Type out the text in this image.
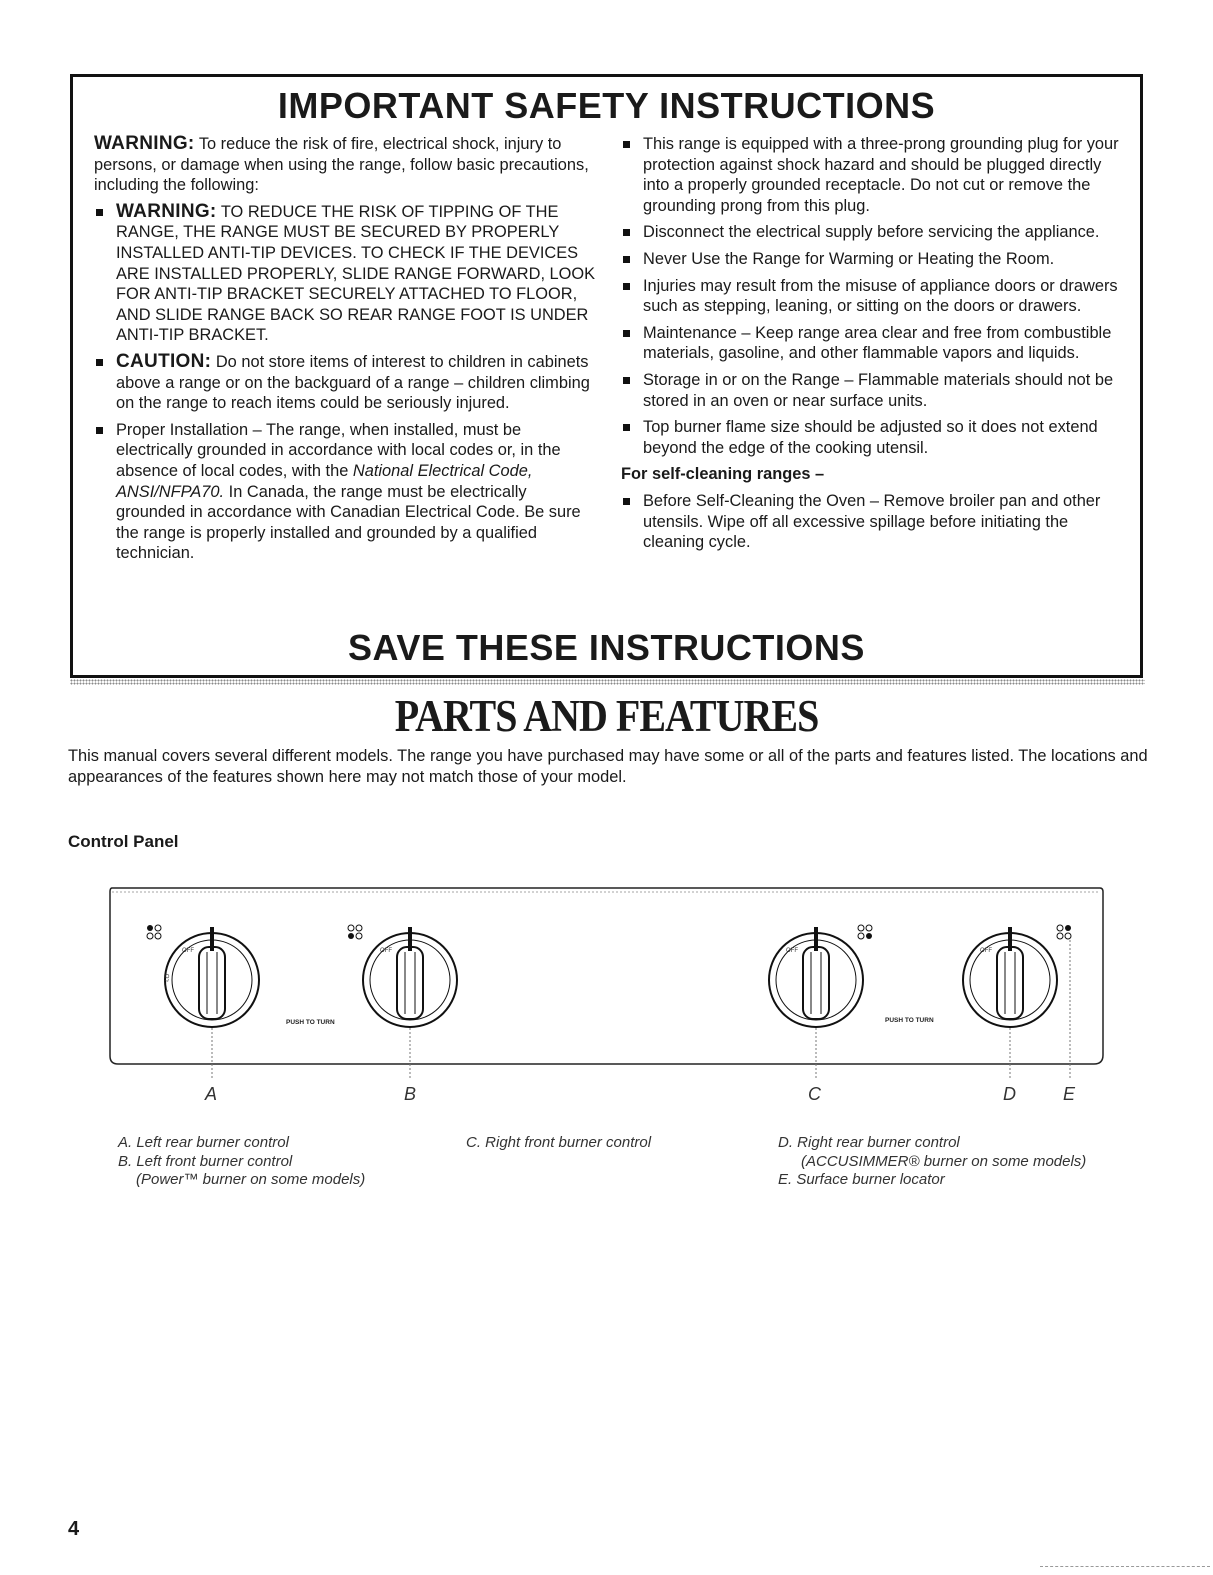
IMPORTANT SAFETY INSTRUCTIONS

WARNING: To reduce the risk of fire, electrical shock, injury to persons, or damage when using the range, follow basic precautions, including the following:

WARNING: TO REDUCE THE RISK OF TIPPING OF THE RANGE, THE RANGE MUST BE SECURED BY PROPERLY INSTALLED ANTI-TIP DEVICES. TO CHECK IF THE DEVICES ARE INSTALLED PROPERLY, SLIDE RANGE FORWARD, LOOK FOR ANTI-TIP BRACKET SECURELY ATTACHED TO FLOOR, AND SLIDE RANGE BACK SO REAR RANGE FOOT IS UNDER ANTI-TIP BRACKET.
CAUTION: Do not store items of interest to children in cabinets above a range or on the backguard of a range – children climbing on the range to reach items could be seriously injured.
Proper Installation – The range, when installed, must be electrically grounded in accordance with local codes or, in the absence of local codes, with the National Electrical Code, ANSI/NFPA70. In Canada, the range must be electrically grounded in accordance with Canadian Electrical Code. Be sure the range is properly installed and grounded by a qualified technician.
This range is equipped with a three-prong grounding plug for your protection against shock hazard and should be plugged directly into a properly grounded receptacle. Do not cut or remove the grounding prong from this plug.
Disconnect the electrical supply before servicing the appliance.
Never Use the Range for Warming or Heating the Room.
Injuries may result from the misuse of appliance doors or drawers such as stepping, leaning, or sitting on the doors or drawers.
Maintenance – Keep range area clear and free from combustible materials, gasoline, and other flammable vapors and liquids.
Storage in or on the Range – Flammable materials should not be stored in an oven or near surface units.
Top burner flame size should be adjusted so it does not extend beyond the edge of the cooking utensil.
For self-cleaning ranges –
Before Self-Cleaning the Oven – Remove broiler pan and other utensils. Wipe off all excessive spillage before initiating the cleaning cycle.
SAVE THESE INSTRUCTIONS
PARTS AND FEATURES

This manual covers several different models. The range you have purchased may have some or all of the parts and features listed. The locations and appearances of the features shown here may not match those of your model.

Control Panel
OFF
LO
OFF	OFF	OFF
PUSH TO TURN	PUSH TO TURN
A	B	C	D	E
A. Left rear burner control
B. Left front burner control
(Power™ burner on some models)
C. Right front burner control	D. Right rear burner control
(ACCUSIMMER® burner on some models)
E. Surface burner locator
4
